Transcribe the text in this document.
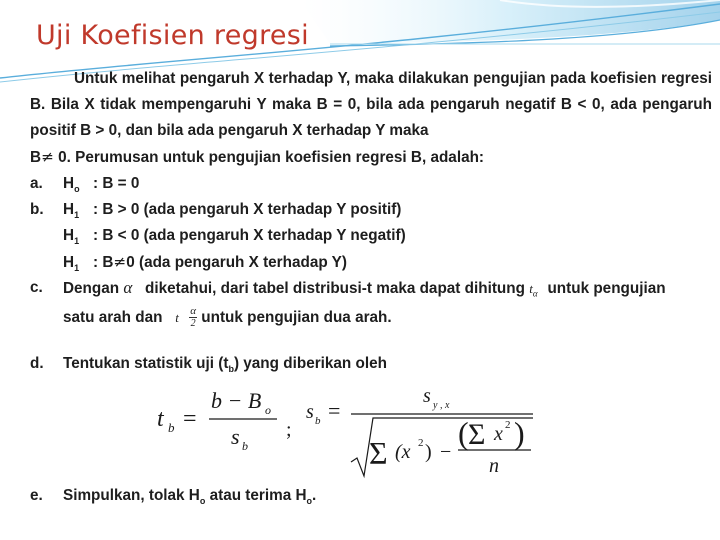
Uji Koefisien regresi
Untuk melihat pengaruh X terhadap Y, maka dilakukan pengujian pada koefisien regresi B. Bila X tidak mempengaruhi Y maka B = 0, bila ada pengaruh negatif B < 0, ada pengaruh positif B > 0, dan bila ada pengaruh X terhadap Y maka
B≠ 0. Perumusan untuk pengujian koefisien regresi B, adalah:
a. $H_o$ : B = 0
b. $H_1$ : B > 0 (ada pengaruh X terhadap Y positif)
$H_1$ : B < 0 (ada pengaruh X terhadap Y negatif)
$H_1$ : B≠0 (ada pengaruh X terhadap Y)
c. Dengan α diketahui, dari tabel distribusi-t maka dapat dihitung $t_\alpha$ untuk pengujian
satu arah dan t $\frac{\alpha}{2}$ untuk pengujian dua arah.
d. Tentukan statistik uji $(t_b)$ yang diberikan oleh
t b =
b − B o
s b
;
s b =
s y , x
Σ (x 2 ) −
( Σ x 2 )
n
e. Simpulkan, tolak $H_o$ atau terima $H_o$.
